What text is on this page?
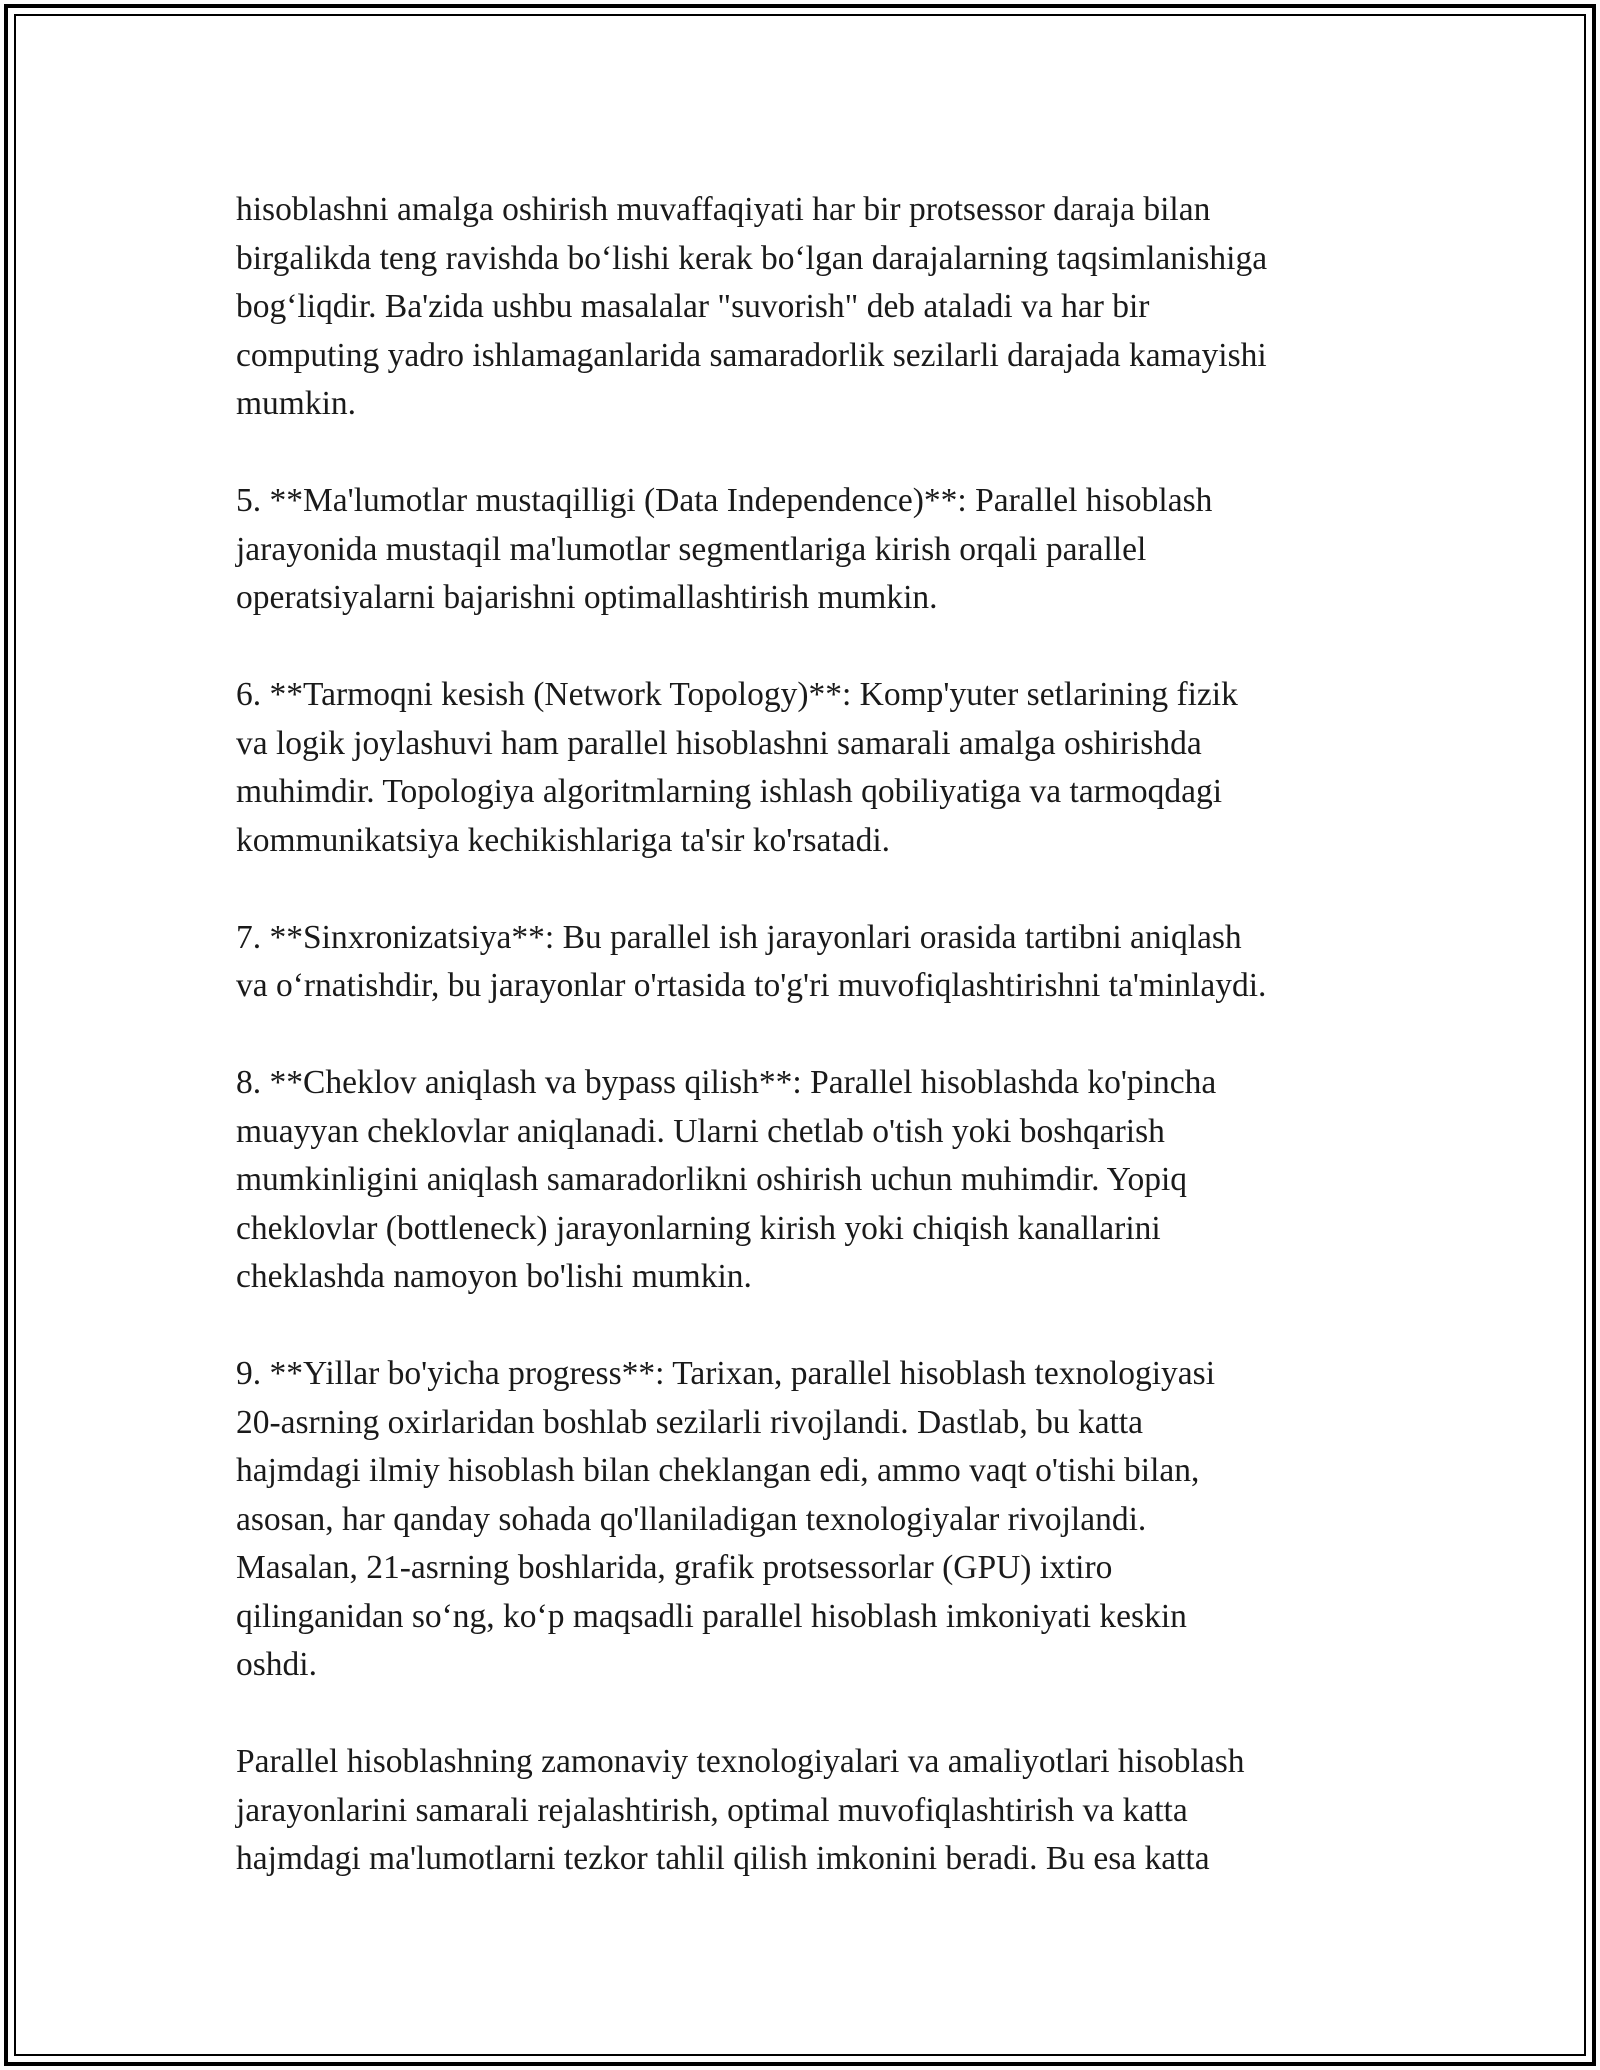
hisoblashni amalga oshirish muvaffaqiyati har bir protsessor daraja bilan
birgalikda teng ravishda bo‘lishi kerak bo‘lgan darajalarning taqsimlanishiga
bog‘liqdir. Ba'zida ushbu masalalar "suvorish" deb ataladi va har bir
computing yadro ishlamaganlarida samaradorlik sezilarli darajada kamayishi
mumkin.

5. **Ma'lumotlar mustaqilligi (Data Independence)**: Parallel hisoblash
jarayonida mustaqil ma'lumotlar segmentlariga kirish orqali parallel
operatsiyalarni bajarishni optimallashtirish mumkin.

6. **Tarmoqni kesish (Network Topology)**: Komp'yuter setlarining fizik
va logik joylashuvi ham parallel hisoblashni samarali amalga oshirishda
muhimdir. Topologiya algoritmlarning ishlash qobiliyatiga va tarmoqdagi
kommunikatsiya kechikishlariga ta'sir ko'rsatadi.

7. **Sinxronizatsiya**: Bu parallel ish jarayonlari orasida tartibni aniqlash
va o‘rnatishdir, bu jarayonlar o'rtasida to'g'ri muvofiqlashtirishni ta'minlaydi.

8. **Cheklov aniqlash va bypass qilish**: Parallel hisoblashda ko'pincha
muayyan cheklovlar aniqlanadi. Ularni chetlab o'tish yoki boshqarish
mumkinligini aniqlash samaradorlikni oshirish uchun muhimdir. Yopiq
cheklovlar (bottleneck) jarayonlarning kirish yoki chiqish kanallarini
cheklashda namoyon bo'lishi mumkin.

9. **Yillar bo'yicha progress**: Tarixan, parallel hisoblash texnologiyasi
20-asrning oxirlaridan boshlab sezilarli rivojlandi. Dastlab, bu katta
hajmdagi ilmiy hisoblash bilan cheklangan edi, ammo vaqt o'tishi bilan,
asosan, har qanday sohada qo'llaniladigan texnologiyalar rivojlandi.
Masalan, 21-asrning boshlarida, grafik protsessorlar (GPU) ixtiro
qilinganidan so‘ng, ko‘p maqsadli parallel hisoblash imkoniyati keskin
oshdi.

Parallel hisoblashning zamonaviy texnologiyalari va amaliyotlari hisoblash
jarayonlarini samarali rejalashtirish, optimal muvofiqlashtirish va katta
hajmdagi ma'lumotlarni tezkor tahlil qilish imkonini beradi. Bu esa katta
